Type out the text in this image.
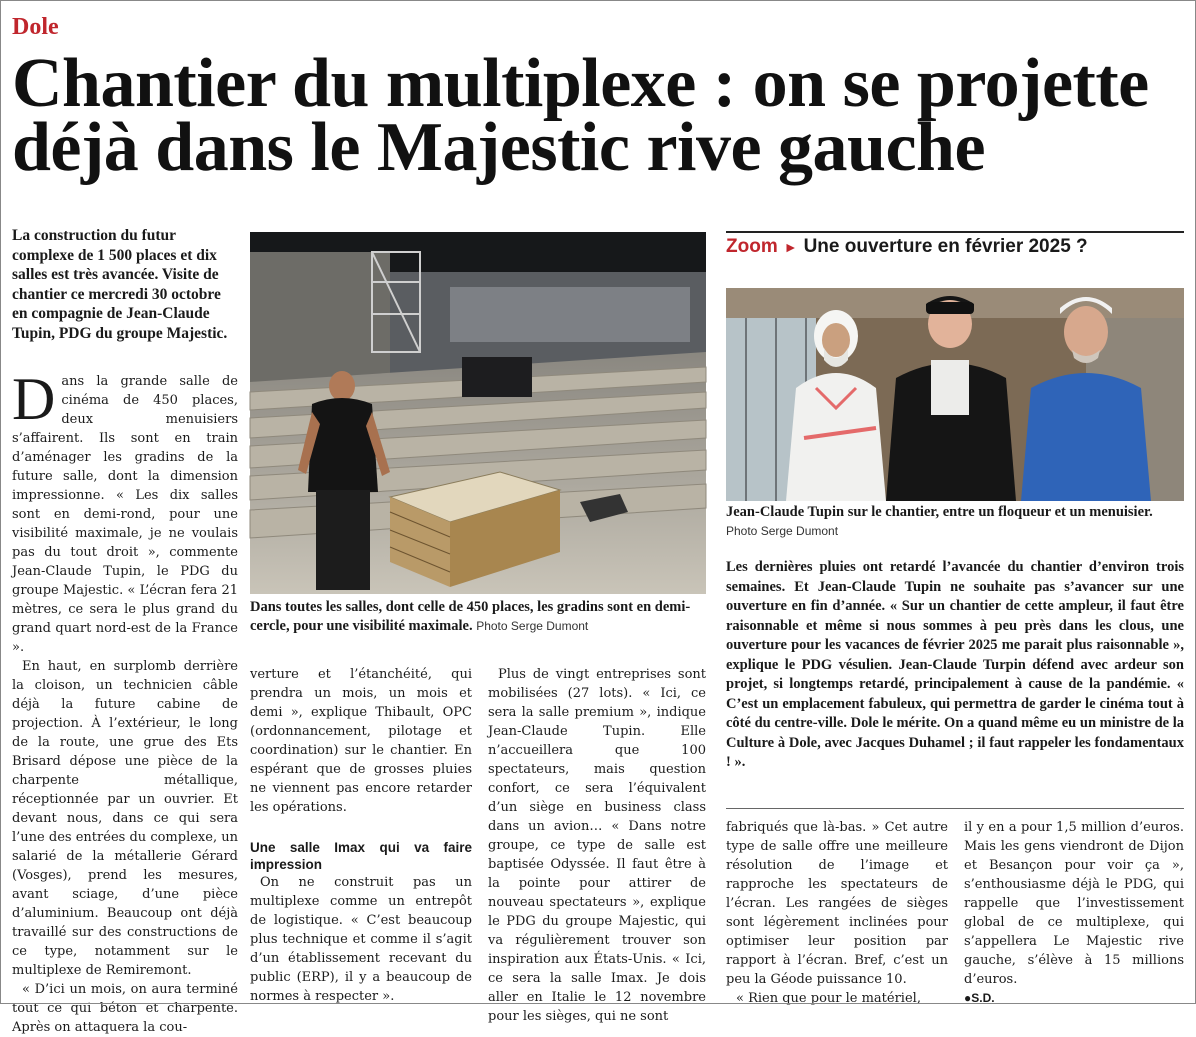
Dole
Chantier du multiplexe : on se projette déjà dans le Majestic rive gauche
La construction du futur complexe de 1 500 places et dix salles est très avancée. Visite de chantier ce mercredi 30 octobre en compagnie de Jean-Claude Tupin, PDG du groupe Majestic.

Dans la grande salle de cinéma de 450 places, deux menuisiers s’affairent. Ils sont en train d’aménager les gradins de la future salle, dont la dimension impressionne. « Les dix salles sont en demi-rond, pour une visibilité maximale, je ne voulais pas du tout droit », commente Jean-Claude Tupin, le PDG du groupe Majestic. « L’écran fera 21 mètres, ce sera le plus grand du grand quart nord-est de la France ».

En haut, en surplomb derrière la cloison, un technicien câble déjà la future cabine de projection. À l’extérieur, le long de la route, une grue des Ets Brisard dépose une pièce de la charpente métallique, réceptionnée par un ouvrier. Et devant nous, dans ce qui sera l’une des entrées du complexe, un salarié de la métallerie Gérard (Vosges), prend les mesures, avant sciage, d’une pièce d’aluminium. Beaucoup ont déjà travaillé sur des constructions de ce type, notamment sur le multiplexe de Remiremont.

« D’ici un mois, on aura terminé tout ce qui béton et charpente. Après on attaquera la cou-

Dans toutes les salles, dont celle de 450 places, les gradins sont en demi-cercle, pour une visibilité maximale. Photo Serge Dumont

verture et l’étanchéité, qui prendra un mois, un mois et demi », explique Thibault, OPC (ordonnancement, pilotage et coordination) sur le chantier. En espérant que de grosses pluies ne viennent pas encore retarder les opérations.

Une salle Imax qui va faire impression

On ne construit pas un multiplexe comme un entrepôt de logistique. « C’est beaucoup plus technique et comme il s’agit d’un établissement recevant du public (ERP), il y a beaucoup de normes à respecter ».

Plus de vingt entreprises sont mobilisées (27 lots). « Ici, ce sera la salle premium », indique Jean-Claude Tupin. Elle n’accueillera que 100 spectateurs, mais question confort, ce sera l’équivalent d’un siège en business class dans un avion… « Dans notre groupe, ce type de salle est baptisée Odyssée. Il faut être à la pointe pour attirer de nouveau spectateurs », explique le PDG du groupe Majestic, qui va régulièrement trouver son inspiration aux États-Unis. « Ici, ce sera la salle Imax. Je dois aller en Italie le 12 novembre pour les sièges, qui ne sont

Zoom ► Une ouverture en février 2025 ?
Jean-Claude Tupin sur le chantier, entre un floqueur et un menuisier. Photo Serge Dumont
Les dernières pluies ont retardé l’avancée du chantier d’environ trois semaines. Et Jean-Claude Tupin ne souhaite pas s’avancer sur une ouverture en fin d’année. « Sur un chantier de cette ampleur, il faut être raisonnable et même si nous sommes à peu près dans les clous, une ouverture pour les vacances de février 2025 me parait plus raisonnable », explique le PDG vésulien. Jean-Claude Turpin défend avec ardeur son projet, si longtemps retardé, principalement à cause de la pandémie. « C’est un emplacement fabuleux, qui permettra de garder le cinéma tout à côté du centre-ville. Dole le mérite. On a quand même eu un ministre de la Culture à Dole, avec Jacques Duhamel ; il faut rappeler les fondamentaux ! ».

fabriqués que là-bas. » Cet autre type de salle offre une meilleure résolution de l’image et rapproche les spectateurs de l’écran. Les rangées de sièges sont légèrement inclinées pour optimiser leur position par rapport à l’écran. Bref, c’est un peu la Géode puissance 10.

« Rien que pour le matériel,

il y en a pour 1,5 million d’euros. Mais les gens viendront de Dijon et Besançon pour voir ça », s’enthousiasme déjà le PDG, qui rappelle que l’investissement global de ce multiplexe, qui s’appellera Le Majestic rive gauche, s’élève à 15 millions d’euros.

●S.D.
